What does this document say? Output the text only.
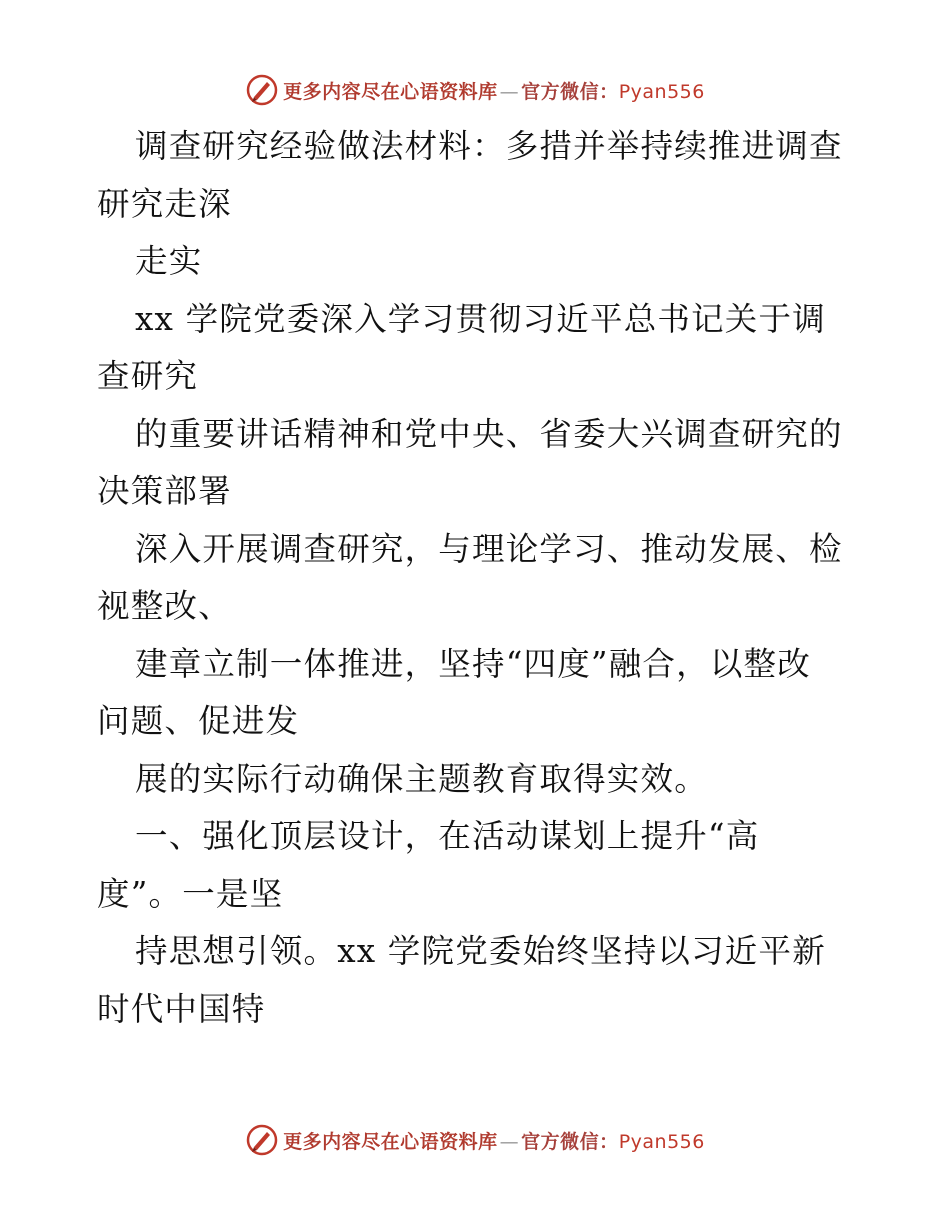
更多内容尽在心语资料库 — 官方微信：Pyan556
调查研究经验做法材料：多措并举持续推进调查
研究走深
走实
xx 学院党委深入学习贯彻习近平总书记关于调
查研究
的重要讲话精神和党中央、省委大兴调查研究的
决策部署
深入开展调查研究，与理论学习、推动发展、检
视整改、
建章立制一体推进，坚持“四度”融合，以整改
问题、促进发
展的实际行动确保主题教育取得实效。
一、强化顶层设计，在活动谋划上提升“高
度”。一是坚
持思想引领。xx 学院党委始终坚持以习近平新
时代中国特
更多内容尽在心语资料库 — 官方微信：Pyan556
